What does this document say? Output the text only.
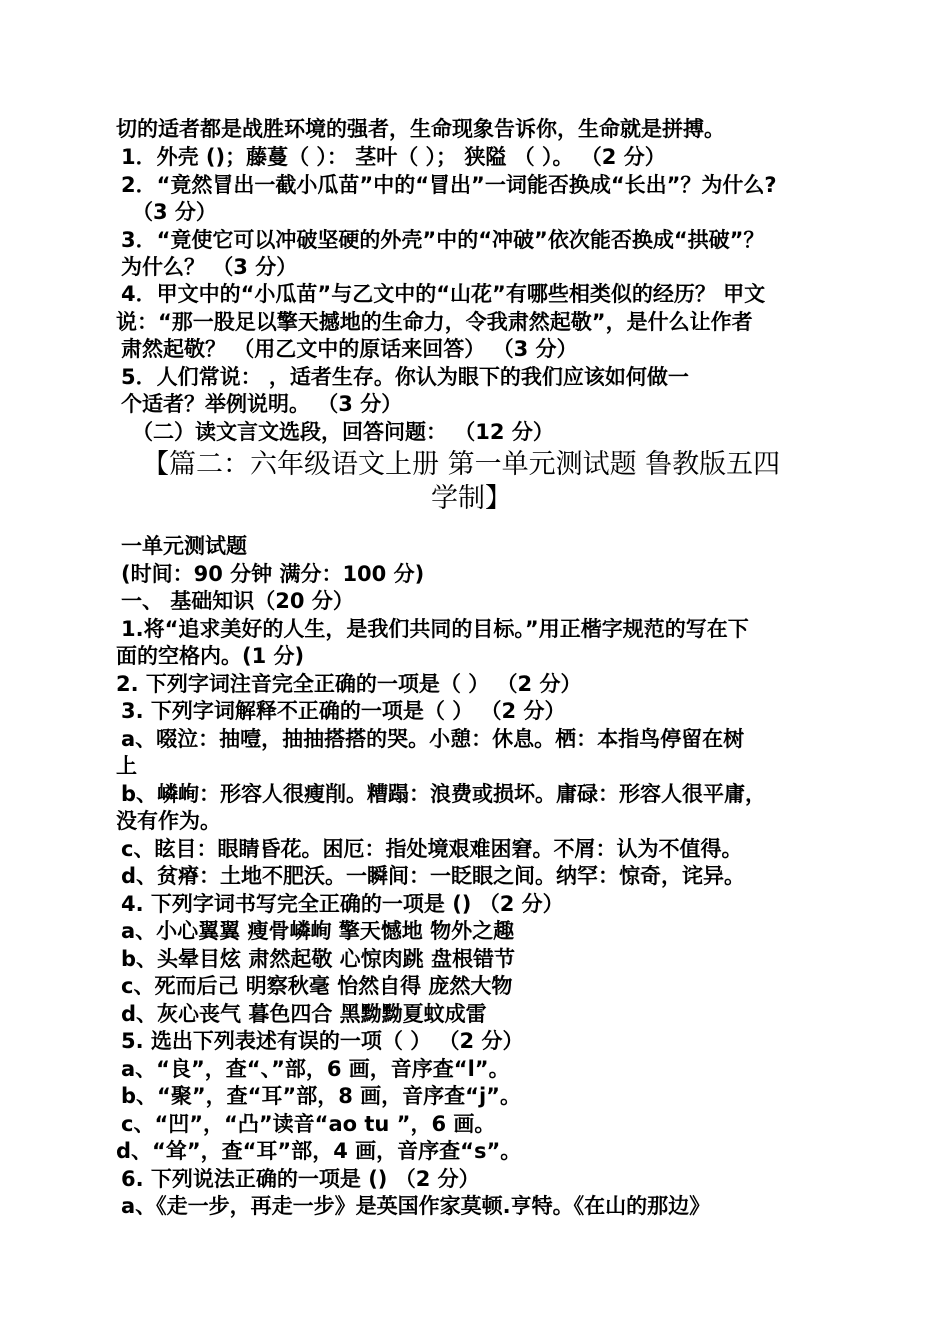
切的适者都是战胜环境的强者，生命现象告诉你，生命就是拼搏。
1．外壳 ()；藤蔓（ ）： 茎叶（ ）； 狭隘 （ ）。 （2 分）
2．“竟然冒出一截小瓜苗”中的“冒出”一词能否换成“长出”？为什么?
（3 分）
3．“竟使它可以冲破坚硬的外壳”中的“冲破”依次能否换成“拱破”？
为什么？ （3 分）
4．甲文中的“小瓜苗”与乙文中的“山花”有哪些相类似的经历？ 甲文
说：“那一股足以擎天撼地的生命力，令我肃然起敬”，是什么让作者
肃然起敬？ （用乙文中的原话来回答） （3 分）
5．人们常说： ，适者生存。你认为眼下的我们应该如何做一
个适者？举例说明。 （3 分）
（二）读文言文选段，回答问题： （12 分）
【篇二：六年级语文上册 第一单元测试题 鲁教版五四
学制】
一单元测试题
(时间：90 分钟 满分：100 分)
一、 基础知识（20 分）
1.将“追求美好的人生，是我们共同的目标。”用正楷字规范的写在下
面的空格内。(1 分)
2. 下列字词注音完全正确的一项是（ ） （2 分）
3. 下列字词解释不正确的一项是（ ） （2 分）
a、啜泣：抽噎，抽抽搭搭的哭。小憩：休息。栖：本指鸟停留在树
上
b、嶙峋：形容人很瘦削。糟蹋：浪费或损坏。庸碌：形容人很平庸，
没有作为。
c、眩目：眼睛昏花。困厄：指处境艰难困窘。不屑：认为不值得。
d、贫瘠：土地不肥沃。一瞬间：一眨眼之间。纳罕：惊奇，诧异。
4. 下列字词书写完全正确的一项是 () （2 分）
a、小心翼翼 瘦骨嶙峋 擎天憾地 物外之趣
b、头晕目炫 肃然起敬 心惊肉跳 盘根错节
c、死而后己 明察秋毫 怡然自得 庞然大物
d、灰心丧气 暮色四合 黑黝黝夏蚊成雷
5. 选出下列表述有误的一项（ ） （2 分）
a、“良”，查“、”部，6 画，音序查“l”。
b、“聚”，查“耳”部，8 画，音序查“j”。
c、“凹”，“凸”读音“ao tu ”，6 画。
d、“耸”，查“耳”部，4 画，音序查“s”。
6. 下列说法正确的一项是 () （2 分）
a、《走一步，再走一步》是英国作家莫顿.亨特。《在山的那边》
